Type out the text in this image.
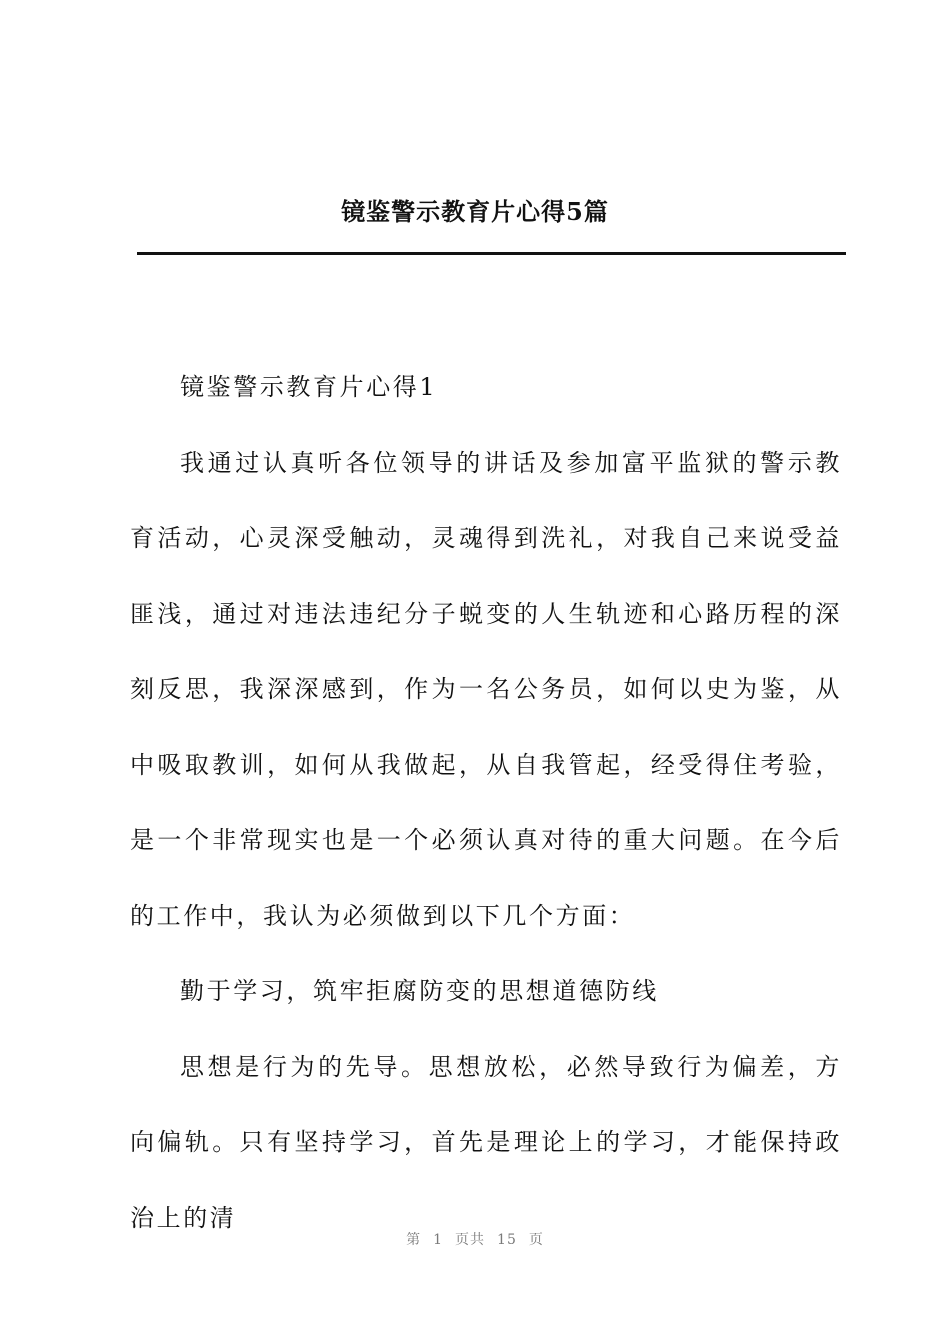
镜鉴警示教育片心得5篇

镜鉴警示教育片心得1

我通过认真听各位领导的讲话及参加富平监狱的警示教育活动，心灵深受触动，灵魂得到洗礼，对我自己来说受益匪浅，通过对违法违纪分子蜕变的人生轨迹和心路历程的深刻反思，我深深感到，作为一名公务员，如何以史为鉴，从中吸取教训，如何从我做起，从自我管起，经受得住考验，是一个非常现实也是一个必须认真对待的重大问题。在今后的工作中，我认为必须做到以下几个方面：

勤于学习，筑牢拒腐防变的思想道德防线

思想是行为的先导。思想放松，必然导致行为偏差，方向偏轨。只有坚持学习，首先是理论上的学习，才能保持政治上的清

第 1 页共 15 页
